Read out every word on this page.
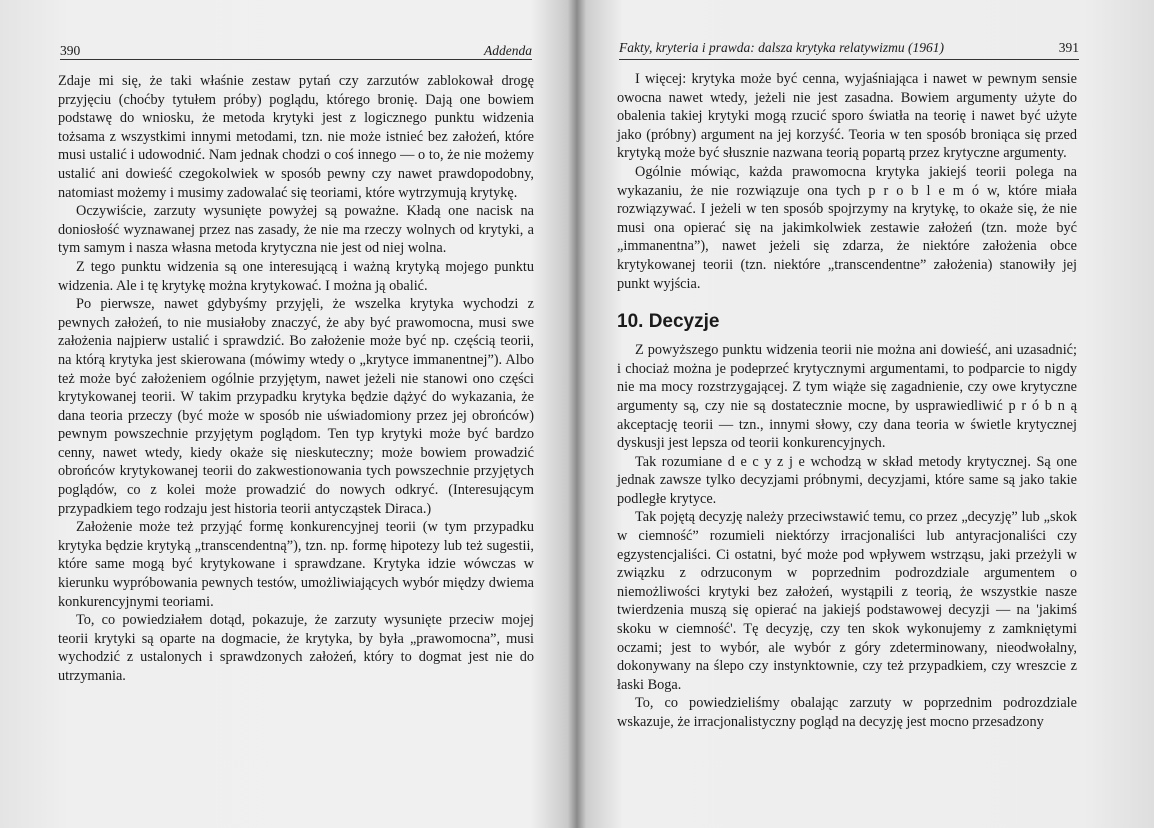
390	Addenda

Zdaje mi się, że taki właśnie zestaw pytań czy zarzutów zablokował drogę przyjęciu (choćby tytułem próby) poglądu, którego bronię. Dają one bowiem podstawę do wniosku, że metoda krytyki jest z logicznego punktu widzenia tożsama z wszystkimi innymi metodami, tzn. nie może istnieć bez założeń, które musi ustalić i udowodnić. Nam jednak chodzi o coś innego — o to, że nie możemy ustalić ani dowieść czegokolwiek w sposób pewny czy nawet prawdopodobny, natomiast możemy i musimy zadowalać się teoriami, które wytrzymują krytykę.

Oczywiście, zarzuty wysunięte powyżej są poważne. Kładą one nacisk na doniosłość wyznawanej przez nas zasady, że nie ma rzeczy wolnych od krytyki, a tym samym i nasza własna metoda krytyczna nie jest od niej wolna.

Z tego punktu widzenia są one interesującą i ważną krytyką mojego punktu widzenia. Ale i tę krytykę można krytykować. I można ją obalić.

Po pierwsze, nawet gdybyśmy przyjęli, że wszelka krytyka wychodzi z pewnych założeń, to nie musiałoby znaczyć, że aby być prawomocna, musi swe założenia najpierw ustalić i sprawdzić. Bo założenie może być np. częścią teorii, na którą krytyka jest skierowana (mówimy wtedy o „krytyce immanentnej”). Albo też może być założeniem ogólnie przyjętym, nawet jeżeli nie stanowi ono części krytykowanej teorii. W takim przypadku krytyka będzie dążyć do wykazania, że dana teoria przeczy (być może w sposób nie uświadomiony przez jej obrońców) pewnym powszechnie przyjętym poglądom. Ten typ krytyki może być bardzo cenny, nawet wtedy, kiedy okaże się nieskuteczny; może bowiem prowadzić obrońców krytykowanej teorii do zakwestionowania tych powszechnie przyjętych poglądów, co z kolei może prowadzić do nowych odkryć. (Interesującym przypadkiem tego rodzaju jest historia teorii antycząstek Diraca.)

Założenie może też przyjąć formę konkurencyjnej teorii (w tym przypadku krytyka będzie krytyką „transcendentną”), tzn. np. formę hipotezy lub też sugestii, które same mogą być krytykowane i sprawdzane. Krytyka idzie wówczas w kierunku wypróbowania pewnych testów, umożliwiających wybór między dwiema konkurencyjnymi teoriami.

To, co powiedziałem dotąd, pokazuje, że zarzuty wysunięte przeciw mojej teorii krytyki są oparte na dogmacie, że krytyka, by była „prawomocna”, musi wychodzić z ustalonych i sprawdzonych założeń, który to dogmat jest nie do utrzymania.

Fakty, kryteria i prawda: dalsza krytyka relatywizmu (1961)	391

I więcej: krytyka może być cenna, wyjaśniająca i nawet w pewnym sensie owocna nawet wtedy, jeżeli nie jest zasadna. Bowiem argumenty użyte do obalenia takiej krytyki mogą rzucić sporo światła na teorię i nawet być użyte jako (próbny) argument na jej korzyść. Teoria w ten sposób broniąca się przed krytyką może być słusznie nazwana teorią popartą przez krytyczne argumenty.

Ogólnie mówiąc, każda prawomocna krytyka jakiejś teorii polega na wykazaniu, że nie rozwiązuje ona tych p r o b l e m ó w, które miała rozwiązywać. I jeżeli w ten sposób spojrzymy na krytykę, to okaże się, że nie musi ona opierać się na jakimkolwiek zestawie założeń (tzn. może być „immanentna”), nawet jeżeli się zdarza, że niektóre założenia obce krytykowanej teorii (tzn. niektóre „transcendentne” założenia) stanowiły jej punkt wyjścia.

10. Decyzje

Z powyższego punktu widzenia teorii nie można ani dowieść, ani uzasadnić; i chociaż można je podeprzeć krytycznymi argumentami, to podparcie to nigdy nie ma mocy rozstrzygającej. Z tym wiąże się zagadnienie, czy owe krytyczne argumenty są, czy nie są dostatecznie mocne, by usprawiedliwić p r ó b n ą akceptację teorii — tzn., innymi słowy, czy dana teoria w świetle krytycznej dyskusji jest lepsza od teorii konkurencyjnych.

Tak rozumiane d e c y z j e wchodzą w skład metody krytycznej. Są one jednak zawsze tylko decyzjami próbnymi, decyzjami, które same są jako takie podległe krytyce.

Tak pojętą decyzję należy przeciwstawić temu, co przez „decyzję” lub „skok w ciemność” rozumieli niektórzy irracjonaliści lub antyracjonaliści czy egzystencjaliści. Ci ostatni, być może pod wpływem wstrząsu, jaki przeżyli w związku z odrzuconym w poprzednim podrozdziale argumentem o niemożliwości krytyki bez założeń, wystąpili z teorią, że wszystkie nasze twierdzenia muszą się opierać na jakiejś podstawowej decyzji — na 'jakimś skoku w ciemność'. Tę decyzję, czy ten skok wykonujemy z zamkniętymi oczami; jest to wybór, ale wybór z góry zdeterminowany, nieodwołalny, dokonywany na ślepo czy instynktownie, czy też przypadkiem, czy wreszcie z łaski Boga.

To, co powiedzieliśmy obalając zarzuty w poprzednim podrozdziale wskazuje, że irracjonalistyczny pogląd na decyzję jest mocno przesadzony
